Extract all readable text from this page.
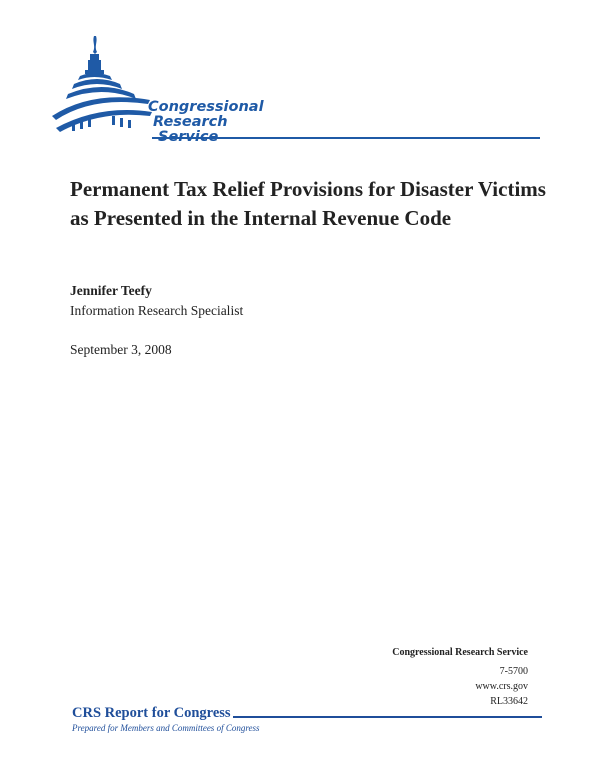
Congressional
Research
Service
Permanent Tax Relief Provisions for Disaster Victims as Presented in the Internal Revenue Code
Jennifer Teefy
Information Research Specialist
September 3, 2008
Congressional Research Service
7-5700
www.crs.gov
RL33642
CRS Report for Congress
Prepared for Members and Committees of Congress
